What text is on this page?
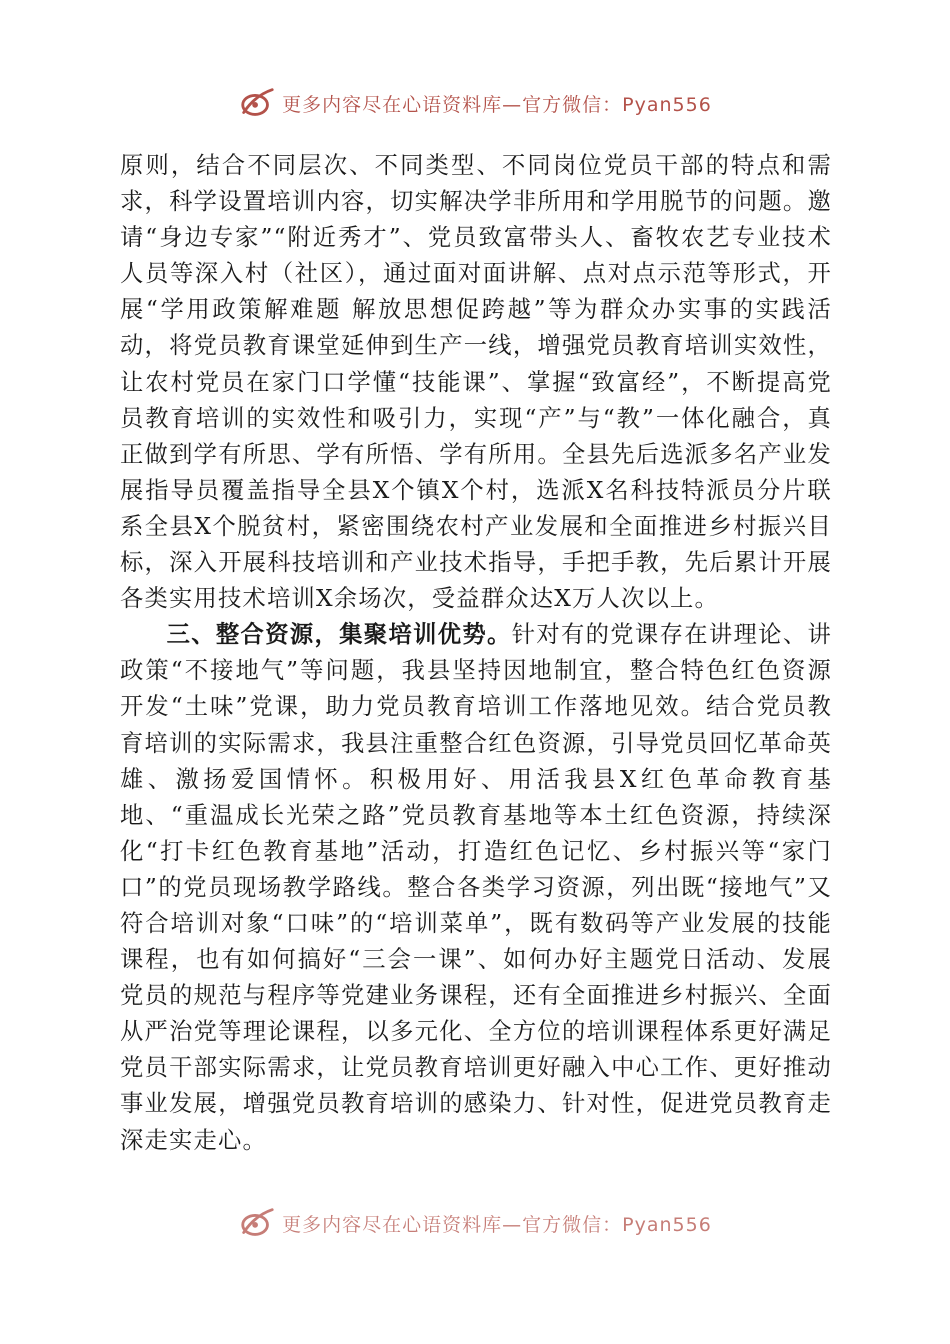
更多内容尽在心语资料库—官方微信：Pyan556

原则，结合不同层次、不同类型、不同岗位党员干部的特点和需求，科学设置培训内容，切实解决学非所用和学用脱节的问题。邀请“身边专家”“附近秀才”、党员致富带头人、畜牧农艺专业技术人员等深入村（社区），通过面对面讲解、点对点示范等形式，开展“学用政策解难题 解放思想促跨越”等为群众办实事的实践活动，将党员教育课堂延伸到生产一线，增强党员教育培训实效性，让农村党员在家门口学懂“技能课”、掌握“致富经”，不断提高党员教育培训的实效性和吸引力，实现“产”与“教”一体化融合，真正做到学有所思、学有所悟、学有所用。全县先后选派多名产业发展指导员覆盖指导全县X个镇X个村，选派X名科技特派员分片联系全县X个脱贫村，紧密围绕农村产业发展和全面推进乡村振兴目标，深入开展科技培训和产业技术指导，手把手教，先后累计开展各类实用技术培训X余场次，受益群众达X万人次以上。

三、整合资源，集聚培训优势。针对有的党课存在讲理论、讲政策“不接地气”等问题，我县坚持因地制宜，整合特色红色资源开发“土味”党课，助力党员教育培训工作落地见效。结合党员教育培训的实际需求，我县注重整合红色资源，引导党员回忆革命英雄、激扬爱国情怀。积极用好、用活我县X红色革命教育基地、“重温成长光荣之路”党员教育基地等本土红色资源，持续深化“打卡红色教育基地”活动，打造红色记忆、乡村振兴等“家门口”的党员现场教学路线。整合各类学习资源，列出既“接地气”又符合培训对象“口味”的“培训菜单”，既有数码等产业发展的技能课程，也有如何搞好“三会一课”、如何办好主题党日活动、发展党员的规范与程序等党建业务课程，还有全面推进乡村振兴、全面从严治党等理论课程，以多元化、全方位的培训课程体系更好满足党员干部实际需求，让党员教育培训更好融入中心工作、更好推动事业发展，增强党员教育培训的感染力、针对性，促进党员教育走深走实走心。

更多内容尽在心语资料库—官方微信：Pyan556
